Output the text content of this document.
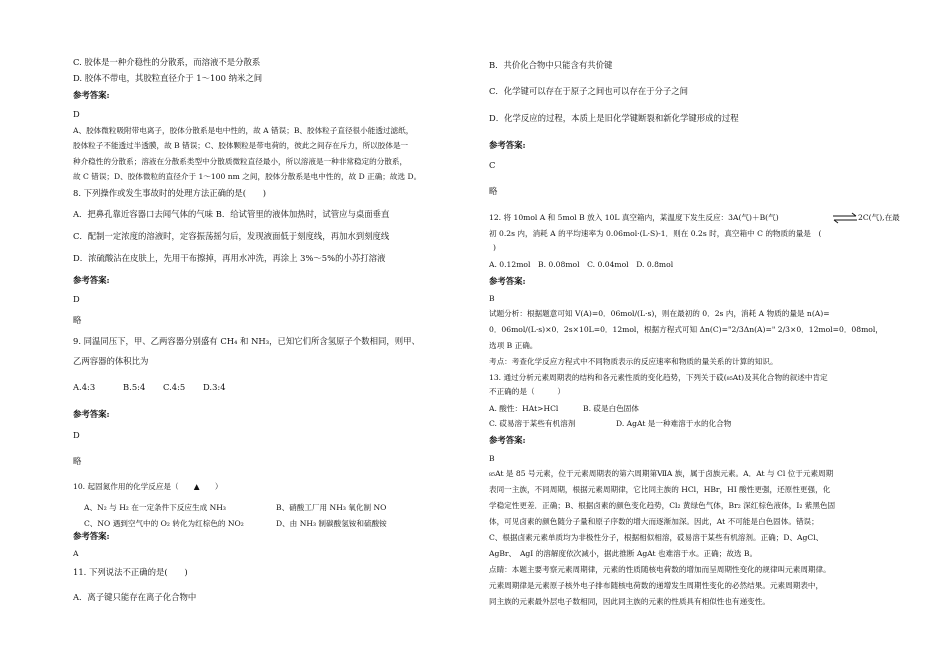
C. 胶体是一种介稳性的分散系，而溶液不是分散系
D. 胶体不带电，其胶粒直径介于 1～100 纳米之间
参考答案:
D
A、胶体微粒吸附带电离子，胶体分散系是电中性的，故 A 错误；B、胶体粒子直径很小能透过滤纸，
胶体粒子不能透过半透膜，故 B 错误；C、胶体颗粒是带电荷的，彼此之间存在斥力，所以胶体是一
种介稳性的分散系；溶液在分散系类型中分散质微粒直径最小，所以溶液是一种非常稳定的分散系，
故 C 错误；D、胶体微粒的直径介于 1～100 nm 之间，胶体分散系是电中性的，故 D 正确；故选 D。
8. 下列操作或发生事故时的处理方法正确的是(　　)
A．把鼻孔靠近容器口去闻气体的气味 B．给试管里的液体加热时，试管应与桌面垂直
C．配制一定浓度的溶液时，定容振荡摇匀后，发现液面低于刻度线，再加水到刻度线
D．浓硫酸沾在皮肤上，先用干布擦掉，再用水冲洗，再涂上 3%～5%的小苏打溶液
参考答案:
D
略
9. 同温同压下，甲、乙两容器分别盛有 CH₄ 和 NH₃，已知它们所含氢原子个数相同，则甲、
乙两容器的体积比为
A.4:3	B.5:4 C.4:5 D.3:4
参考答案:
D
略
10. 起固氮作用的化学反应是（　　▲　　）
A、N₂ 与 H₂ 在一定条件下反应生成 NH₃	B、硝酸工厂用 NH₃ 氧化制 NO
C、NO 遇到空气中的 O₂ 转化为红棕色的 NO₂	D、由 NH₃ 制碳酸氢铵和硫酸铵
参考答案:
A
11. 下列说法不正确的是(　　)
A．离子键只能存在离子化合物中
B．共价化合物中只能含有共价键
C．化学键可以存在于原子之间也可以存在于分子之间
D．化学反应的过程，本质上是旧化学键断裂和新化学键形成的过程
参考答案:
C
略
12. 将 10mol A 和 5mol B 放入 10L 真空箱内，某温度下发生反应：3A(气)＋B(气)	⇌ 2C(气),在最
初 0.2s 内，消耗 A 的平均速率为 0.06mol·(L·S)-1．则在 0.2s 时，真空箱中 C 的物质的量是　(
)
A. 0.12mol　B. 0.08mol　C. 0.04mol　D. 0.8mol
参考答案:
B
试题分析：根据题意可知 V(A)=0．06mol/(L·s)，则在最初的 0．2s 内，消耗 A 物质的量是 n(A)=
0．06mol/(L·s)×0．2s×10L=0．12mol，根据方程式可知 Δn(C)="2/3Δn(A)=" 2/3×0．12mol=0．08mol，
选项 B 正确。
考点：考查化学反应方程式中不同物质表示的反应速率和物质的量关系的计算的知识。
13. 通过分析元素周期表的结构和各元素性质的变化趋势，下列关于砹(₈₅At)及其化合物的叙述中肯定
不正确的是（　　　）
A. 酸性：HAt>HCl	B. 砹是白色固体
C. 砹易溶于某些有机溶剂	D. AgAt 是一种难溶于水的化合物
参考答案:
B
₈₅At 是 85 号元素，位于元素周期表的第六周期第ⅦA 族，属于卤族元素。A．At 与 Cl 位于元素周期
表同一主族，不同周期，根据元素周期律，它比同主族的 HCl，HBr，HI 酸性更强，还原性更强，化
学稳定性更差．正确；B、根据卤素的颜色变化趋势，Cl₂ 黄绿色气体，Br₂ 深红棕色液体，I₂ 紫黑色固
体，可见卤素的颜色随分子量和原子序数的增大而逐渐加深。因此，At 不可能是白色固体。错误；
C、根据卤素元素单质均为非极性分子，根据相似相溶，砹易溶于某些有机溶剂。正确；D、AgCl、
AgBr、　AgI 的溶解度依次减小，据此推断 AgAt 也难溶于水。正确；故选 B。
点睛：本题主要考察元素周期律，元素的性质随核电荷数的增加而呈周期性变化的规律叫元素周期律。
元素周期律是元素原子核外电子排布随核电荷数的递增发生周期性变化的必然结果。元素周期表中，
同主族的元素最外层电子数相同，因此同主族的元素的性质具有相似性也有递变性。
